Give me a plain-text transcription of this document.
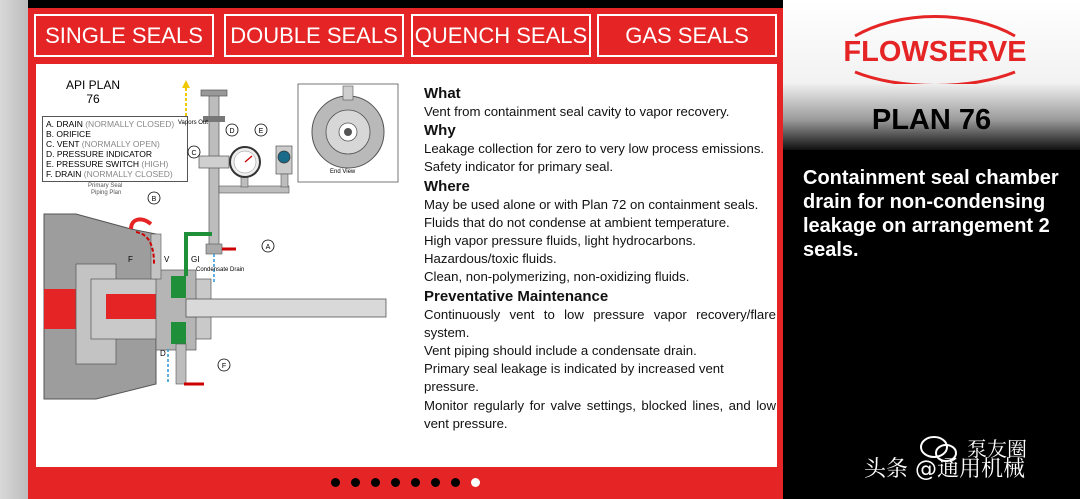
SINGLE SEALS	DOUBLE SEALS QUENCH SEALS	GAS SEALS
API PLAN
76
A. DRAIN (NORMALLY CLOSED)
B. ORIFICE
C. VENT (NORMALLY OPEN)
D. PRESSURE INDICATOR
E. PRESSURE SWITCH (HIGH)
F. DRAIN (NORMALLY CLOSED)
D	E
C
B
A
F
F	V	GI
D
Vapors Out
End View
Primary Seal
Piping Plan
Condensate Drain
What
Vent from containment seal cavity to vapor recovery.
Why
Leakage collection for zero to very low process emissions.
Safety indicator for primary seal.
Where
May be used alone or with Plan 72 on containment seals.
Fluids that do not condense at ambient temperature.
High vapor pressure fluids, light hydrocarbons.
Hazardous/toxic fluids.
Clean, non-polymerizing, non-oxidizing fluids.
Preventative Maintenance
Continuously vent to low pressure vapor recovery/flare system.
Vent piping should include a condensate drain.
Primary seal leakage is indicated by increased vent pressure.
Monitor regularly for valve settings, blocked lines, and low vent pressure.
FLOWSERVE
PLAN 76
Containment seal chamber drain for non-condensing leakage on arrangement 2 seals.
泵友圈
头条 @通用机械
